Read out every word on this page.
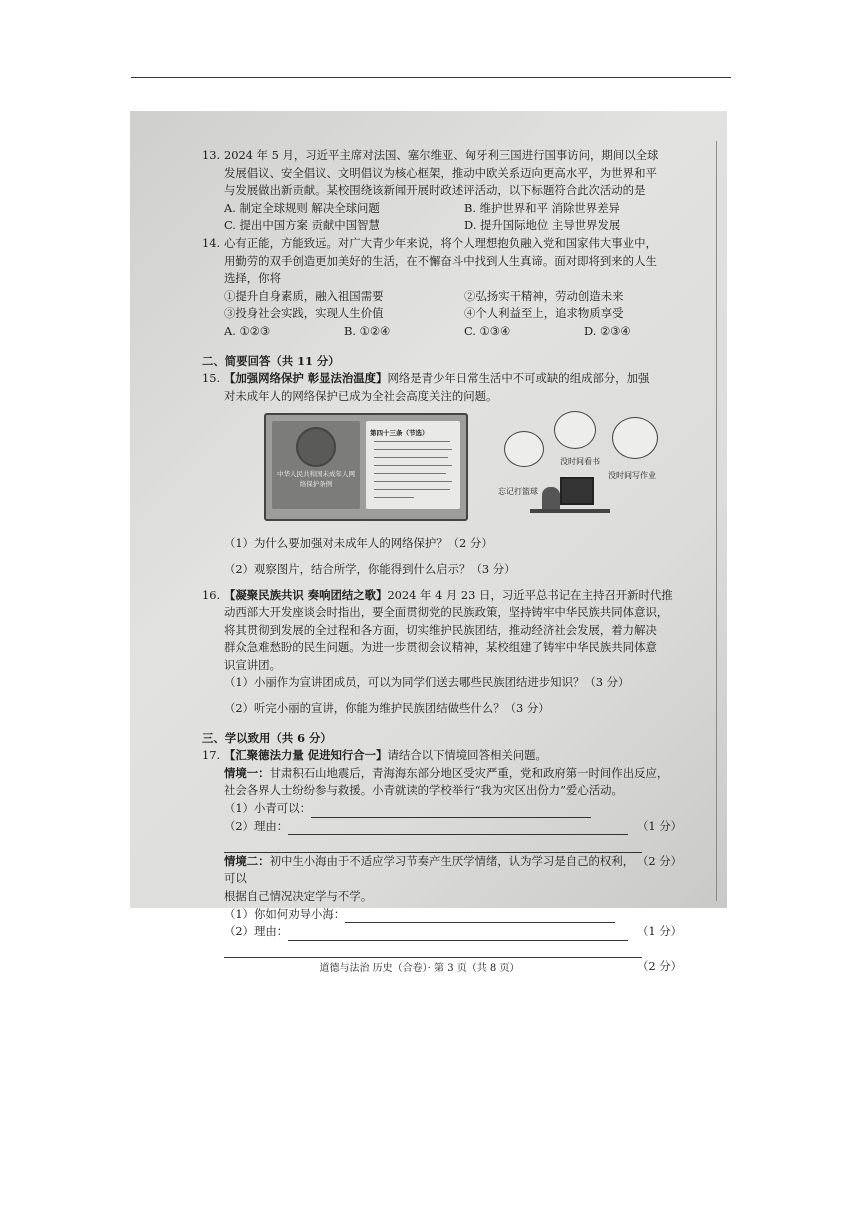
13. 2024 年 5 月，习近平主席对法国、塞尔维亚、匈牙利三国进行国事访问，期间以全球
发展倡议、安全倡议、文明倡议为核心框架，推动中欧关系迈向更高水平，为世界和平
与发展做出新贡献。某校围绕该新闻开展时政述评活动，以下标题符合此次活动的是
A. 制定全球规则 解决全球问题	B. 维护世界和平 消除世界差异
C. 提出中国方案 贡献中国智慧	D. 提升国际地位 主导世界发展
14. 心有正能，方能致远。对广大青少年来说，将个人理想抱负融入党和国家伟大事业中，
用勤劳的双手创造更加美好的生活，在不懈奋斗中找到人生真谛。面对即将到来的人生
选择，你将
①提升自身素质，融入祖国需要	②弘扬实干精神，劳动创造未来
③投身社会实践，实现人生价值	④个人利益至上，追求物质享受
A. ①②③	B. ①②④	C. ①③④	D. ②③④
二、简要回答（共 11 分）
15. 【加强网络保护 彰显法治温度】网络是青少年日常生活中不可或缺的组成部分，加强
对未成年人的网络保护已成为全社会高度关注的问题。
中华人民共和国未成年人网络保护条例
第四十三条（节选）
没时间看书
没时间写作业
忘记打篮球
（1）为什么要加强对未成年人的网络保护？（2 分）
（2）观察图片，结合所学，你能得到什么启示？（3 分）
16. 【凝聚民族共识 奏响团结之歌】2024 年 4 月 23 日，习近平总书记在主持召开新时代推
动西部大开发座谈会时指出，要全面贯彻党的民族政策，坚持铸牢中华民族共同体意识，
将其贯彻到发展的全过程和各方面，切实维护民族团结，推动经济社会发展，着力解决
群众急难愁盼的民生问题。为进一步贯彻会议精神，某校组建了铸牢中华民族共同体意
识宣讲团。
（1）小丽作为宣讲团成员，可以为同学们送去哪些民族团结进步知识？（3 分）
（2）听完小丽的宣讲，你能为维护民族团结做些什么？（3 分）
三、学以致用（共 6 分）
17. 【汇聚德法力量 促进知行合一】请结合以下情境回答相关问题。
情境一：甘肃积石山地震后，青海海东部分地区受灾严重，党和政府第一时间作出反应，
社会各界人士纷纷参与救援。小青就读的学校举行“我为灾区出份力”爱心活动。
（1）小青可以：
（2）理由：	（1 分）
（2 分）
情境二：初中生小海由于不适应学习节奏产生厌学情绪，认为学习是自己的权利，可以
根据自己情况决定学与不学。
（1）你如何劝导小海：
（2）理由：	（1 分）
（2 分）
道德与法治 历史（合卷）· 第 3 页（共 8 页）
